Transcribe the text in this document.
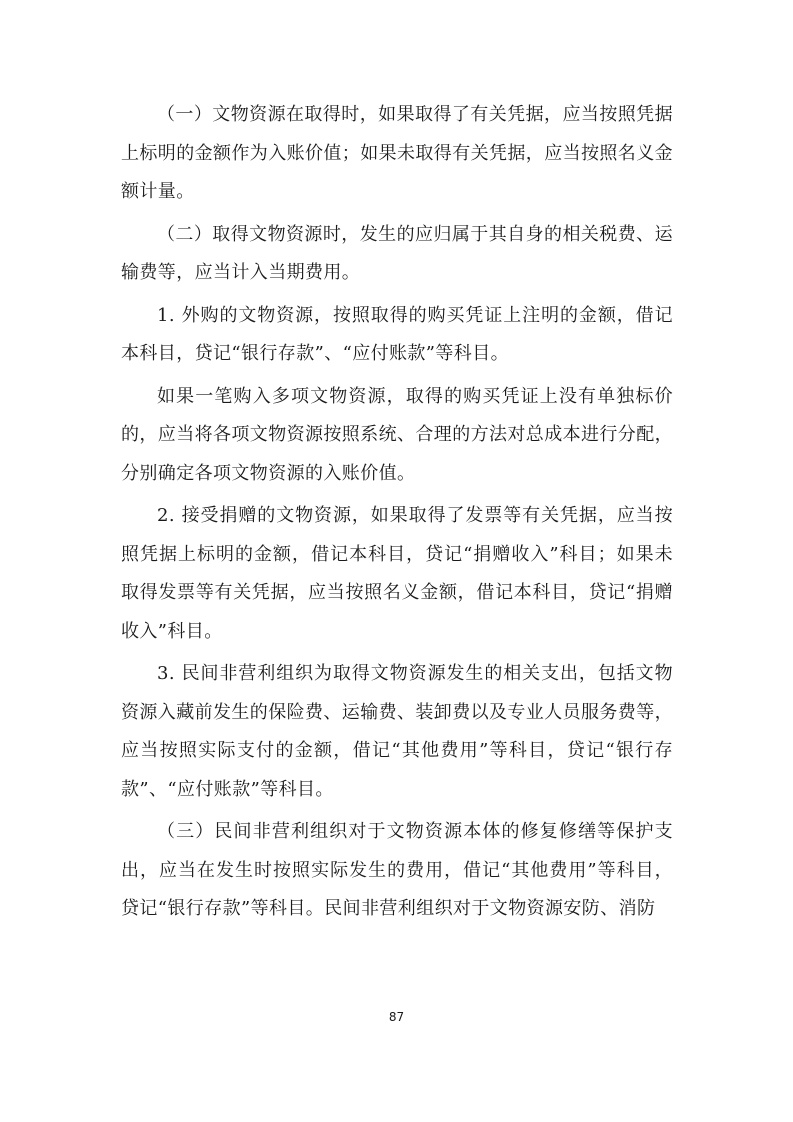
（一）文物资源在取得时，如果取得了有关凭据，应当按照凭据上标明的金额作为入账价值；如果未取得有关凭据，应当按照名义金额计量。

（二）取得文物资源时，发生的应归属于其自身的相关税费、运输费等，应当计入当期费用。

1. 外购的文物资源，按照取得的购买凭证上注明的金额，借记本科目，贷记“银行存款”、“应付账款”等科目。

如果一笔购入多项文物资源，取得的购买凭证上没有单独标价的，应当将各项文物资源按照系统、合理的方法对总成本进行分配，分别确定各项文物资源的入账价值。

2. 接受捐赠的文物资源，如果取得了发票等有关凭据，应当按照凭据上标明的金额，借记本科目，贷记“捐赠收入”科目；如果未取得发票等有关凭据，应当按照名义金额，借记本科目，贷记“捐赠收入”科目。

3. 民间非营利组织为取得文物资源发生的相关支出，包括文物资源入藏前发生的保险费、运输费、装卸费以及专业人员服务费等，应当按照实际支付的金额，借记“其他费用”等科目，贷记“银行存款”、“应付账款”等科目。

（三）民间非营利组织对于文物资源本体的修复修缮等保护支出，应当在发生时按照实际发生的费用，借记“其他费用”等科目，贷记“银行存款”等科目。民间非营利组织对于文物资源安防、消防

87
